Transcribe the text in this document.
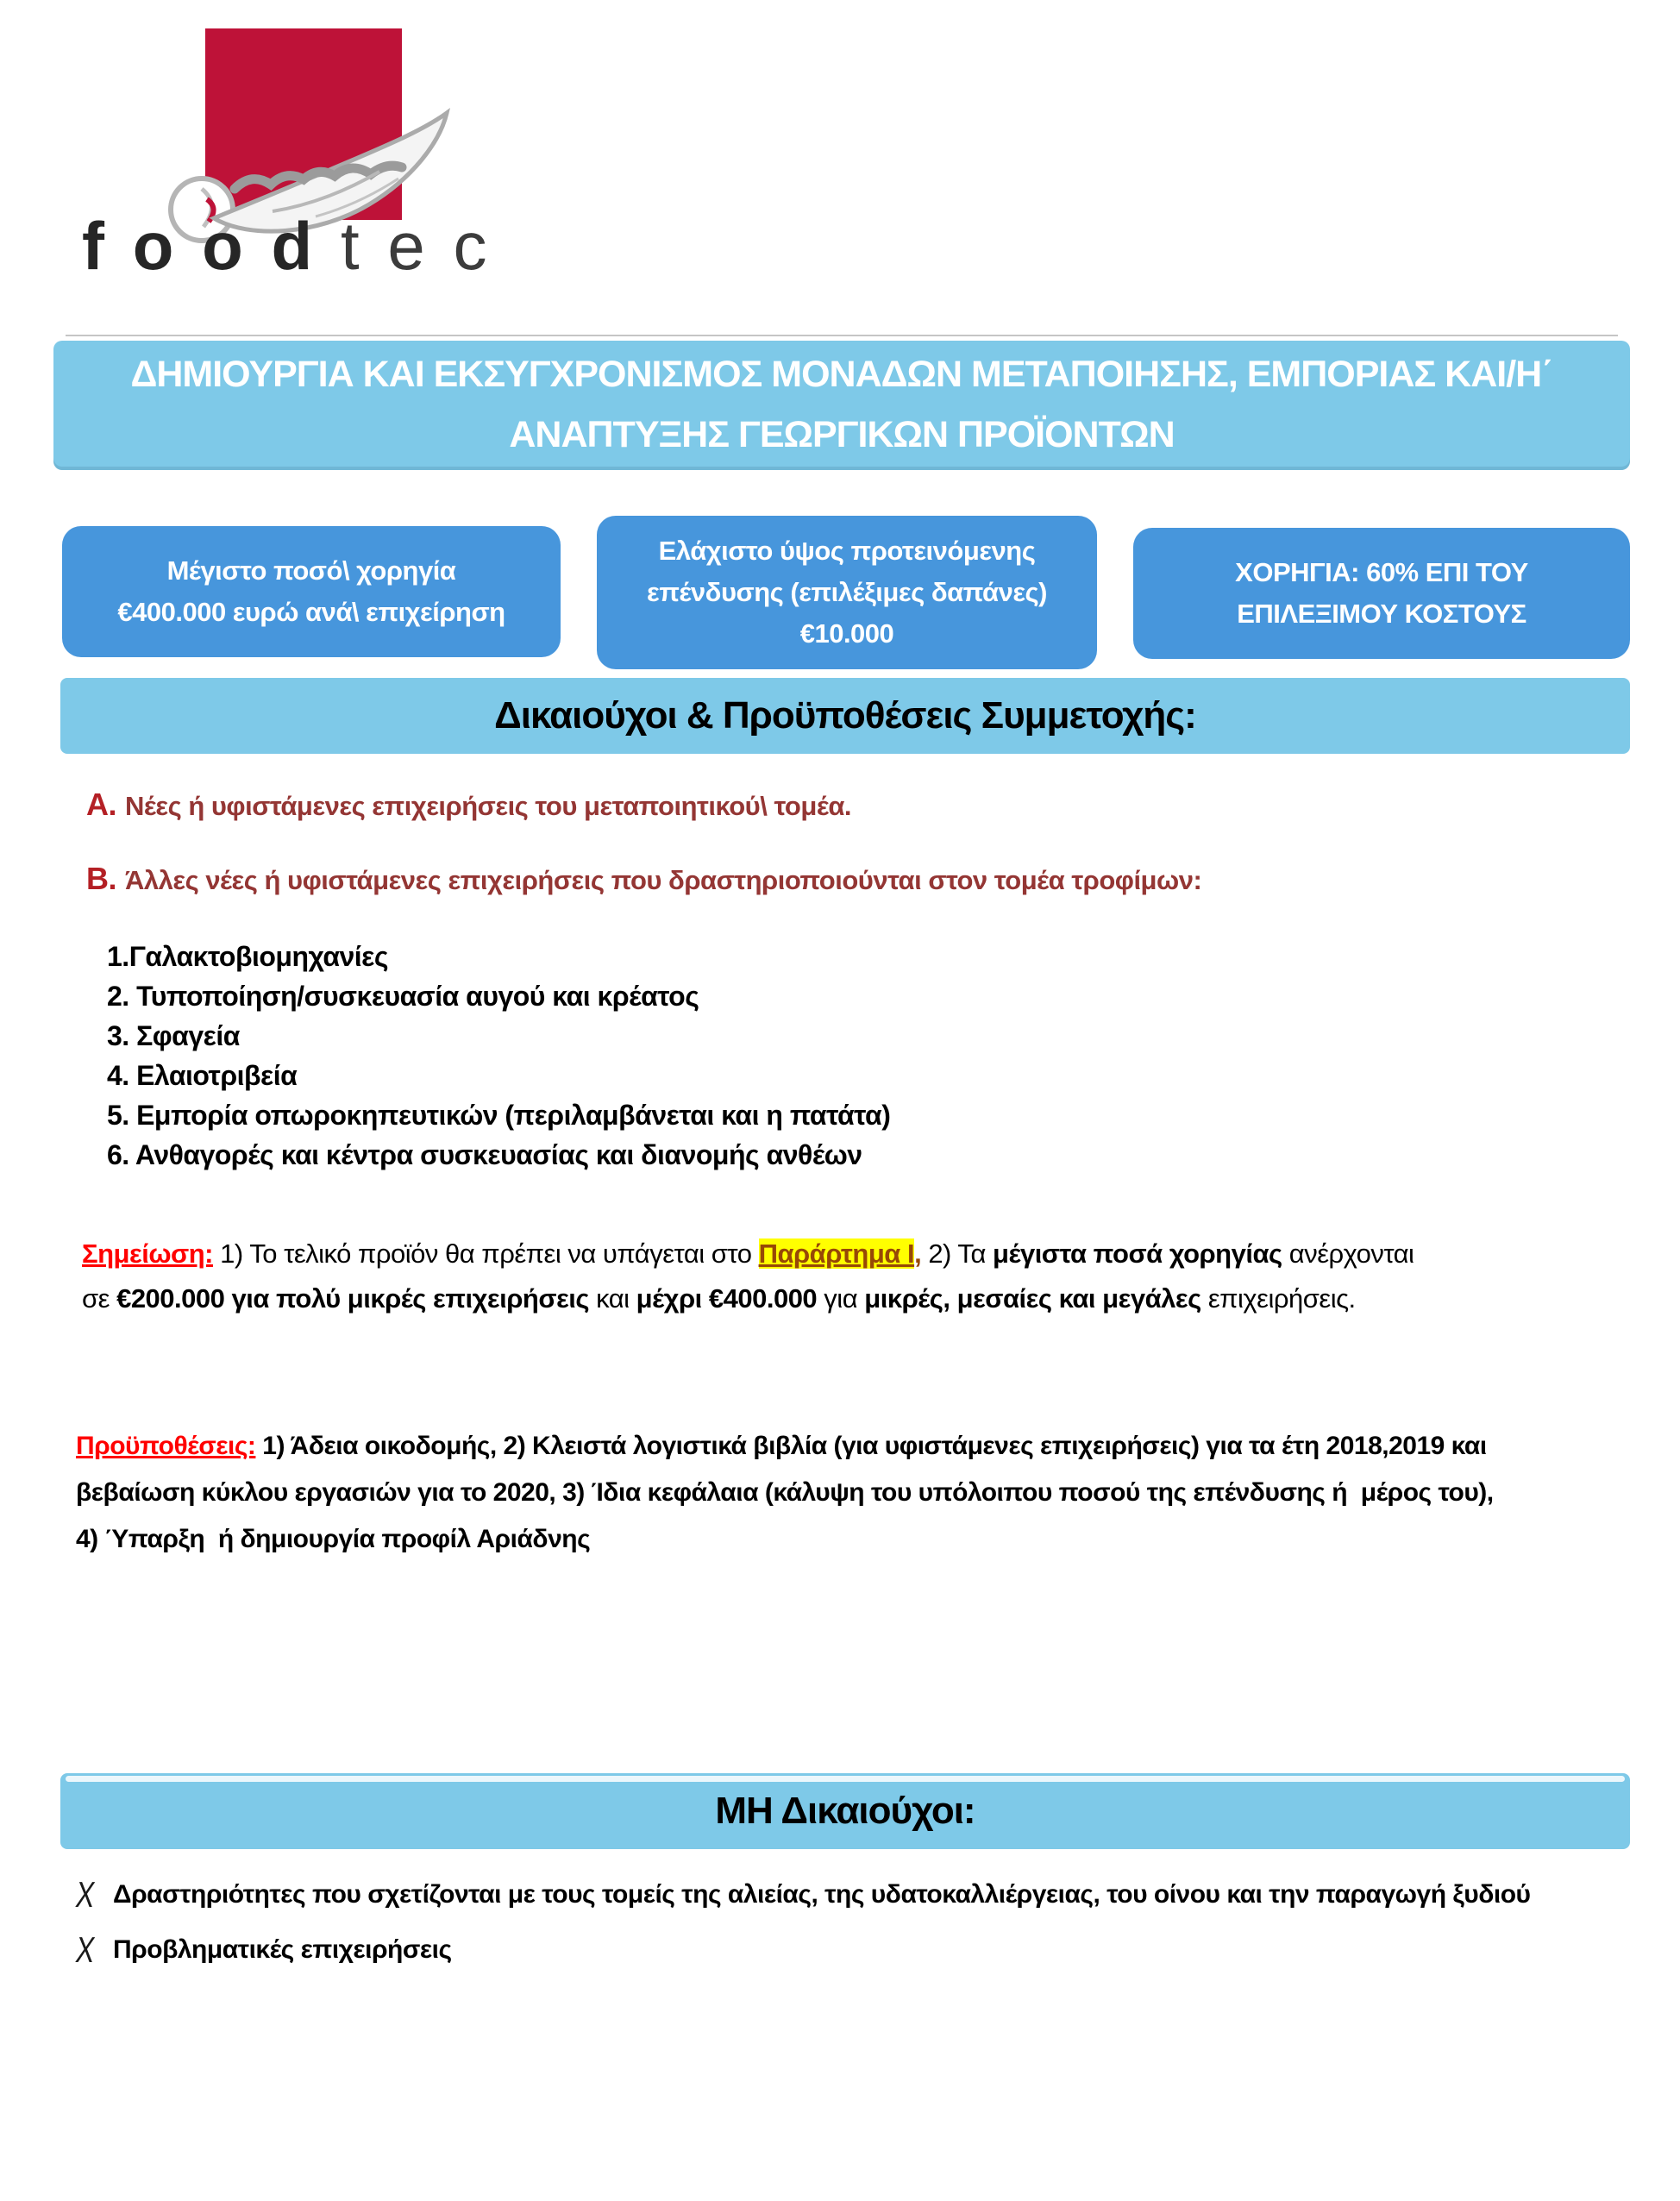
foodtec
ΔΗΜΙΟΥΡΓΙΑ ΚΑΙ ΕΚΣΥΓΧΡΟΝΙΣΜΟΣ ΜΟΝΑΔΩΝ ΜΕΤΑΠΟΙΗΣΗΣ, ΕΜΠΟΡΙΑΣ ΚΑΙ/Η΄
ΑΝΑΠΤΥΞΗΣ ΓΕΩΡΓΙΚΩΝ ΠΡΟΪΟΝΤΩΝ
Μέγιστο ποσό\ χορηγία
€400.000 ευρώ ανά\ επιχείρηση
Ελάχιστο ύψος προτεινόμενης
επένδυσης (επιλέξιμες δαπάνες)
€10.000
ΧΟΡΗΓΙΑ: 60% ΕΠΙ ΤΟΥ
ΕΠΙΛΕΞΙΜΟΥ ΚΟΣΤΟΥΣ
Δικαιούχοι & Προϋποθέσεις Συμμετοχής:

Α. Νέες ή υφιστάμενες επιχειρήσεις του μεταποιητικού\ τομέα.

Β. Άλλες νέες ή υφιστάμενες επιχειρήσεις που δραστηριοποιούνται στον τομέα τροφίμων:

1.Γαλακτοβιομηχανίες
2. Τυποποίηση/συσκευασία αυγού και κρέατος
3. Σφαγεία
4. Ελαιοτριβεία
5. Εμπορία οπωροκηπευτικών (περιλαμβάνεται και η πατάτα)
6. Ανθαγορές και κέντρα συσκευασίας και διανομής ανθέων

Σημείωση: 1) Το τελικό προϊόν θα πρέπει να υπάγεται στο Παράρτημα Ι, 2) Τα μέγιστα ποσά χορηγίας ανέρχονται
σε €200.000 για πολύ μικρές επιχειρήσεις και μέχρι €400.000 για μικρές, μεσαίες και μεγάλες επιχειρήσεις.

Προϋποθέσεις: 1) Άδεια οικοδομής, 2) Κλειστά λογιστικά βιβλία (για υφιστάμενες επιχειρήσεις) για τα έτη 2018,2019 και
βεβαίωση κύκλου εργασιών για το 2020, 3) Ίδια κεφάλαια (κάλυψη του υπόλοιπου ποσού της επένδυσης ή  μέρος του),
4) Ύπαρξη  ή δημιουργία προφίλ Αριάδνης

ΜΗ Δικαιούχοι:
Χ Δραστηριότητες που σχετίζονται με τους τομείς της αλιείας, της υδατοκαλλιέργειας, του οίνου και την παραγωγή ξυδιού
Χ Προβληματικές επιχειρήσεις
